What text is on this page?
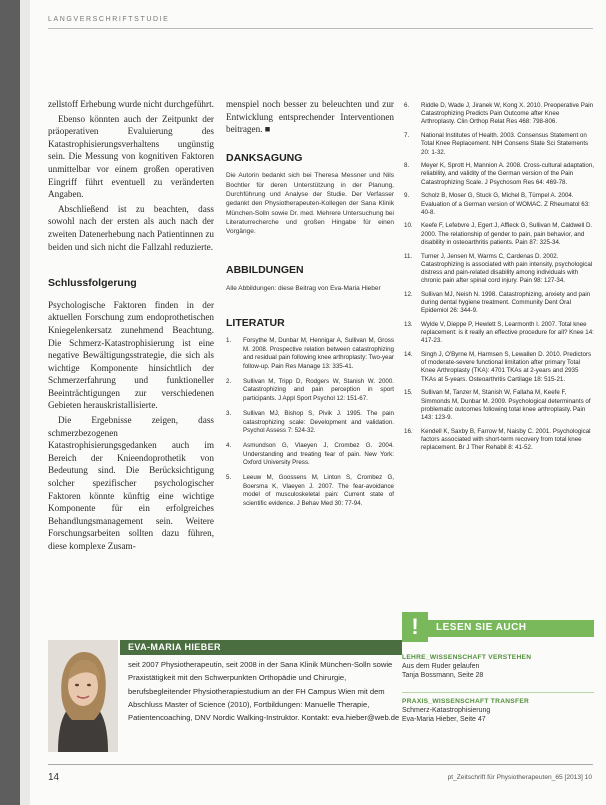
LANGVERSCHRIFTSTUDIE

zellstoff Erhebung wurde nicht durchgeführt.

Ebenso könnten auch der Zeitpunkt der präoperativen Evaluierung des Katastrophisierungsverhaltens ungünstig sein. Die Messung von kognitiven Faktoren unmittelbar vor einem großen operativen Eingriff führt eventuell zu veränderten Angaben.

Abschließend ist zu beachten, dass sowohl nach der ersten als auch nach der zweiten Datenerhebung nach Patientinnen zu beiden und sich nicht die Fallzahl reduzierte.

Schlussfolgerung

Psychologische Faktoren finden in der aktuellen Forschung zum endoprothetischen Kniegelenkersatz zunehmend Beachtung. Die Schmerz-Katastrophisierung ist eine negative Bewältigungsstrategie, die sich als wichtige Komponente hinsichtlich der Schmerzerfahrung und funktioneller Beeinträchtigungen zur verschiedenen Gebieten herauskristallisierte.

Die Ergebnisse zeigen, dass schmerzbezogenen Katastrophisierungsgedanken auch im Bereich der Knieendoprothetik von Bedeutung sind. Die Berücksichtigung solcher spezifischer psychologischer Faktoren könnte künftig eine wichtige Komponente für ein erfolgreiches Behandlungsmanagement sein. Weitere Forschungsarbeiten sollten dazu führen, diese komplexe Zusam-

menspiel noch besser zu beleuchten und zur Entwicklung entsprechender Interventionen beitragen. ■

DANKSAGUNG

Die Autorin bedankt sich bei Theresa Messner und Nils Bochtler für deren Unterstützung in der Planung, Durchführung und Analyse der Studie. Der Verfasser gedankt den Physiotherapeuten-Kollegen der Sana Klinik München-Solln sowie Dr. med. Mehrere Untersuchung bei Literaturrecherche und großen Hingabe für einen Vorgänge.

ABBILDUNGEN

Alle Abbildungen: diese Beitrag von Eva-Maria Hieber

LITERATUR
1. Forsythe M, Dunbar M, Hennigar A, Sullivan M, Gross M. 2008. Prospective relation between catastrophizing and residual pain following knee arthroplasty: Two-year follow-up. Pain Res Manage 13: 335-41.
2. Sullivan M, Tripp D, Rodgers W, Stanish W. 2000. Catastrophizing and pain perception in sport participants. J Appl Sport Psychol 12: 151-67.
3. Sullivan MJ, Bishop S, Pivik J. 1995. The pain catastrophizing scale: Development and validation. Psychol Assess 7: 524-32.
4. Asmundson G, Vlaeyen J, Crombez G. 2004. Understanding and treating fear of pain. New York: Oxford University Press.
5. Leeuw M, Goossens M, Linton S, Crombez G, Boersma K, Vlaeyen J. 2007. The fear-avoidance model of musculoskeletal pain: Current state of scientific evidence. J Behav Med 30: 77-94.
6. Riddle D, Wade J, Jiranek W, Kong X. 2010. Preoperative Pain Catastrophizing Predicts Pain Outcome after Knee Arthroplasty. Clin Orthop Relat Res 468: 798-806.
7. National Institutes of Health. 2003. Consensus Statement on Total Knee Replacement. NIH Consens State Sci Statements 20: 1-32.
8. Meyer K, Sprott H, Mannion A. 2008. Cross-cultural adaptation, reliability, and validity of the German version of the Pain Catastrophizing Scale. J Psychosom Res 64: 469-78.
9. Scholz B, Moser G, Stuck G, Michel B, Tümpel A. 2004. Evaluation of a German version of WOMAC. Z Rheumatol 63: 40-8.
10. Keefe F, Lefebvre J, Egert J, Affleck G, Sullivan M, Caldwell D. 2000. The relationship of gender to pain, pain behavior, and disability in osteoarthritis patients. Pain 87: 325-34.
11. Turner J, Jensen M, Warms C, Cardenas D. 2002. Catastrophizing is associated with pain intensity, psychological distress and pain-related disability among individuals with chronic pain after spinal cord injury. Pain 98: 127-34.
12. Sullivan MJ, Neish N. 1998. Catastrophizing, anxiety and pain during dental hygiene treatment. Community Dent Oral Epidemiol 26: 344-9.
13. Wylde V, Dieppe P, Hewlett S, Learmonth I. 2007. Total knee replacement: is it really an effective procedure for all? Knee 14: 417-23.
14. Singh J, O'Byrne M, Harmsen S, Lewallen D. 2010. Predictors of moderate-severe functional limitation after primary Total Knee Arthroplasty (TKA): 4701 TKAs at 2-years and 2935 TKAs at 5-years. Osteoarthritis Cartilage 18: 515-21.
15. Sullivan M, Tanzer M, Stanish W, Fallaha M, Keefe F, Simmonds M, Dunbar M. 2009. Psychological determinants of problematic outcomes following total knee arthroplasty. Pain 143: 123-9.
16. Kendell K, Saxby B, Farrow M, Naisby C. 2001. Psychological factors associated with short-term recovery from total knee replacement. Br J Ther Rehabil 8: 41-52.
EVA-MARIA HIEBER
seit 2007 Physiotherapeutin, seit 2008 in der Sana Klinik München-Solln sowie Praxistätigkeit mit den Schwerpunkten Orthopädie und Chirurgie, berufsbegleitender Physiotherapiestudium an der FH Campus Wien mit dem Abschluss Master of Science (2010), Fortbildungen: Manuelle Therapie, Patientencoaching, DNV Nordic Walking-Instruktor. Kontakt: eva.hieber@web.de
!	LESEN SIE AUCH

LEHRE_WISSENSCHAFT VERSTEHEN

Aus dem Ruder gelaufen
Tanja Bossmann, Seite 28

PRAXIS_WISSENSCHAFT TRANSFER

Schmerz-Katastrophisierung
Eva-Maria Hieber, Seite 47

14	pt_Zeitschrift für Physiotherapeuten_65 [2013] 10
